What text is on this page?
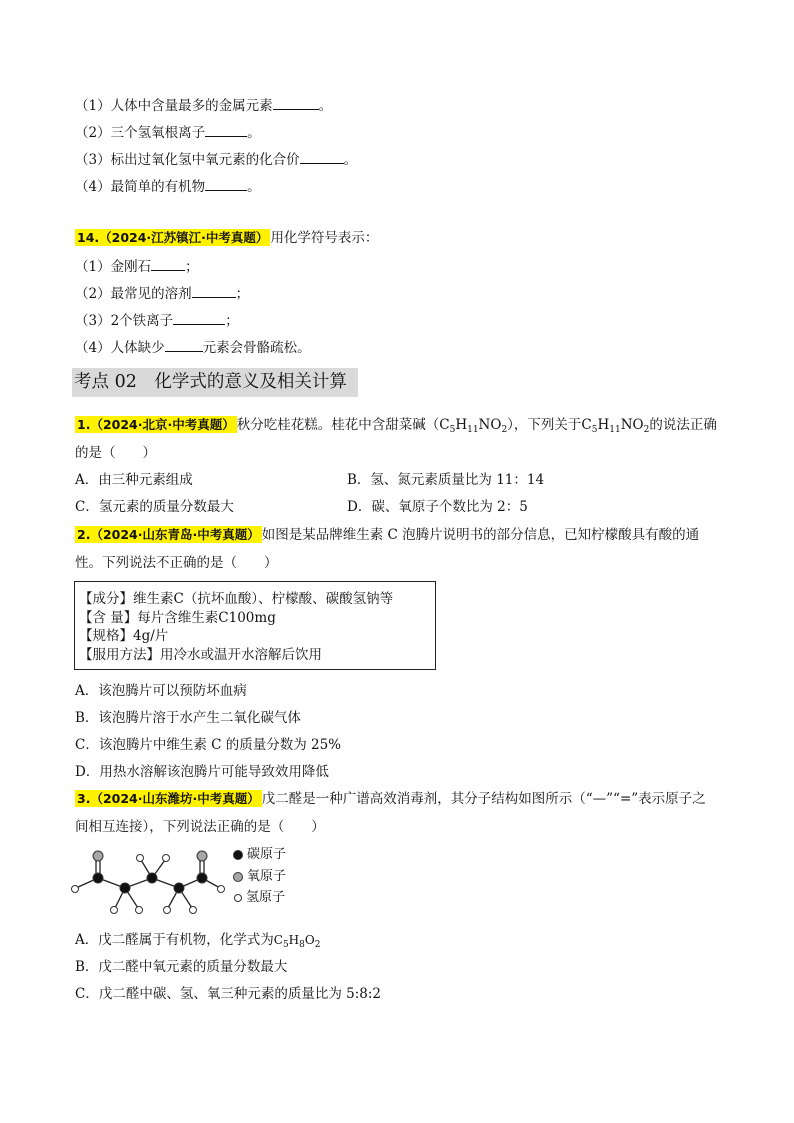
（1）人体中含量最多的金属元素	。
（2）三个氢氧根离子	。
（3）标出过氧化氢中氧元素的化合价	。
（4）最简单的有机物	。
14.（2024·江苏镇江·中考真题） 用化学符号表示：
（1）金刚石	；
（2）最常见的溶剂	；
（3）2个铁离子	；
（4）人体缺少	元素会骨骼疏松。
考点 02　化学式的意义及相关计算
1.（2024·北京·中考真题） 秋分吃桂花糕。桂花中含甜菜碱$(C_5H_{11}NO_2)$，下列关于$C_5H_{11}NO_2$的说法正确
的是（　　）
A．由三种元素组成	B．氢、氮元素质量比为 11：14
C．氢元素的质量分数最大	D．碳、氧原子个数比为 2：5
2.（2024·山东青岛·中考真题） 如图是某品牌维生素 C 泡腾片说明书的部分信息，已知柠檬酸具有酸的通
性。下列说法不正确的是（　　）
【成分】维生素C（抗坏血酸）、柠檬酸、碳酸氢钠等
【含 量】每片含维生素C100mg
【规格】4g/片
【服用方法】用冷水或温开水溶解后饮用
A．该泡腾片可以预防坏血病
B．该泡腾片溶于水产生二氧化碳气体
C．该泡腾片中维生素 C 的质量分数为 25%
D．用热水溶解该泡腾片可能导致效用降低
3.（2024·山东潍坊·中考真题） 戊二醛是一种广谱高效消毒剂，其分子结构如图所示（“—”“=”表示原子之
间相互连接），下列说法正确的是（　　）
碳原子
氧原子
氢原子
A．戊二醛属于有机物，化学式为$C_5H_8O_2$
B．戊二醛中氧元素的质量分数最大
C．戊二醛中碳、氢、氧三种元素的质量比为 5:8:2
